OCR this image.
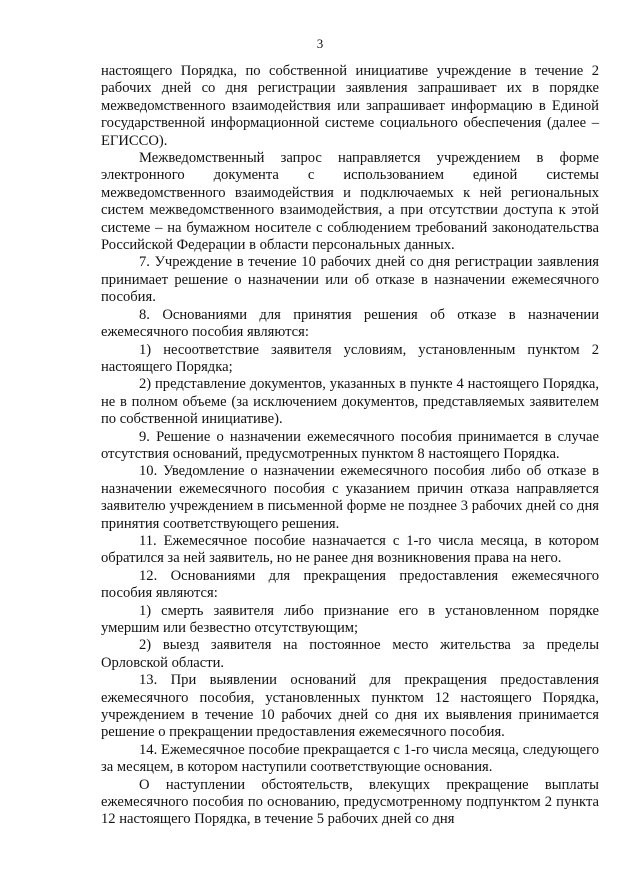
3

настоящего Порядка, по собственной инициативе учреждение в течение 2 рабочих дней со дня регистрации заявления запрашивает их в порядке межведомственного взаимодействия или запрашивает информацию в Единой государственной информационной системе социального обеспечения (далее – ЕГИССО).

Межведомственный запрос направляется учреждением в форме электронного документа с использованием единой системы межведомственного взаимодействия и подключаемых к ней региональных систем межведомственного взаимодействия, а при отсутствии доступа к этой системе – на бумажном носителе с соблюдением требований законодательства Российской Федерации в области персональных данных.

7. Учреждение в течение 10 рабочих дней со дня регистрации заявления принимает решение о назначении или об отказе в назначении ежемесячного пособия.

8. Основаниями для принятия решения об отказе в назначении ежемесячного пособия являются:

1) несоответствие заявителя условиям, установленным пунктом 2 настоящего Порядка;

2) представление документов, указанных в пункте 4 настоящего Порядка, не в полном объеме (за исключением документов, представляемых заявителем по собственной инициативе).

9. Решение о назначении ежемесячного пособия принимается в случае отсутствия оснований, предусмотренных пунктом 8 настоящего Порядка.

10. Уведомление о назначении ежемесячного пособия либо об отказе в назначении ежемесячного пособия с указанием причин отказа направляется заявителю учреждением в письменной форме не позднее 3 рабочих дней со дня принятия соответствующего решения.

11. Ежемесячное пособие назначается с 1-го числа месяца, в котором обратился за ней заявитель, но не ранее дня возникновения права на него.

12. Основаниями для прекращения предоставления ежемесячного пособия являются:

1) смерть заявителя либо признание его в установленном порядке умершим или безвестно отсутствующим;

2) выезд заявителя на постоянное место жительства за пределы Орловской области.

13. При выявлении оснований для прекращения предоставления ежемесячного пособия, установленных пунктом 12 настоящего Порядка, учреждением в течение 10 рабочих дней со дня их выявления принимается решение о прекращении предоставления ежемесячного пособия.

14. Ежемесячное пособие прекращается с 1-го числа месяца, следующего за месяцем, в котором наступили соответствующие основания.

О наступлении обстоятельств, влекущих прекращение выплаты ежемесячного пособия по основанию, предусмотренному подпунктом 2 пункта 12 настоящего Порядка, в течение 5 рабочих дней со дня
